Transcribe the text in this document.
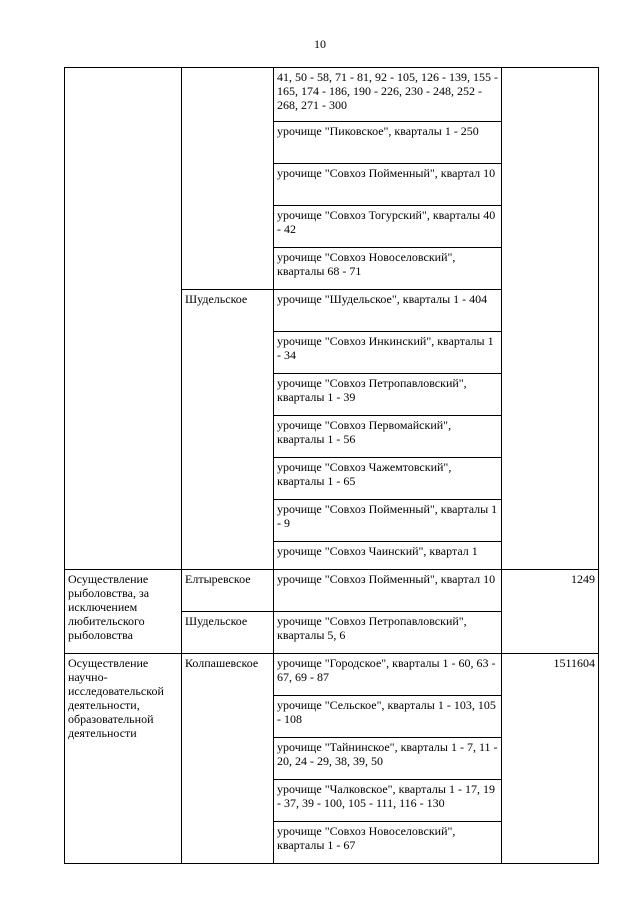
10
		41, 50 - 58, 71 - 81, 92 - 105, 126 - 139, 155 - 165, 174 - 186, 190 - 226, 230 - 248, 252 - 268, 271 - 300	
		урочище "Пиковское", кварталы 1 - 250	
		урочище "Совхоз Пойменный", квартал 10	
		урочище "Совхоз Тогурский", кварталы 40 - 42	
		урочище "Совхоз Новоселовский", кварталы 68 - 71	
	Шудельское	урочище "Шудельское", кварталы 1 - 404	
		урочище "Совхоз Инкинский", кварталы 1 - 34	
		урочище "Совхоз Петропавловский", кварталы 1 - 39	
		урочище "Совхоз Первомайский", кварталы 1 - 56	
		урочище "Совхоз Чажемтовский", кварталы 1 - 65	
		урочище "Совхоз Пойменный", кварталы 1 - 9	
		урочище "Совхоз Чаинский", квартал 1	
Осуществление рыболовства, за исключением любительского рыболовства	Елтыревское	урочище "Совхоз Пойменный", квартал 10	1249
	Шудельское	урочище "Совхоз Петропавловский", кварталы 5, 6	
Осуществление научно-исследовательской деятельности, образовательной деятельности	Колпашевское	урочище "Городское", кварталы 1 - 60, 63 - 67, 69 - 87	1511604
		урочище "Сельское", кварталы 1 - 103, 105 - 108	
		урочище "Тайнинское", кварталы 1 - 7, 11 - 20, 24 - 29, 38, 39, 50	
		урочище "Чалковское", кварталы 1 - 17, 19 - 37, 39 - 100, 105 - 111, 116 - 130	
		урочище "Совхоз Новоселовский", кварталы 1 - 67	
